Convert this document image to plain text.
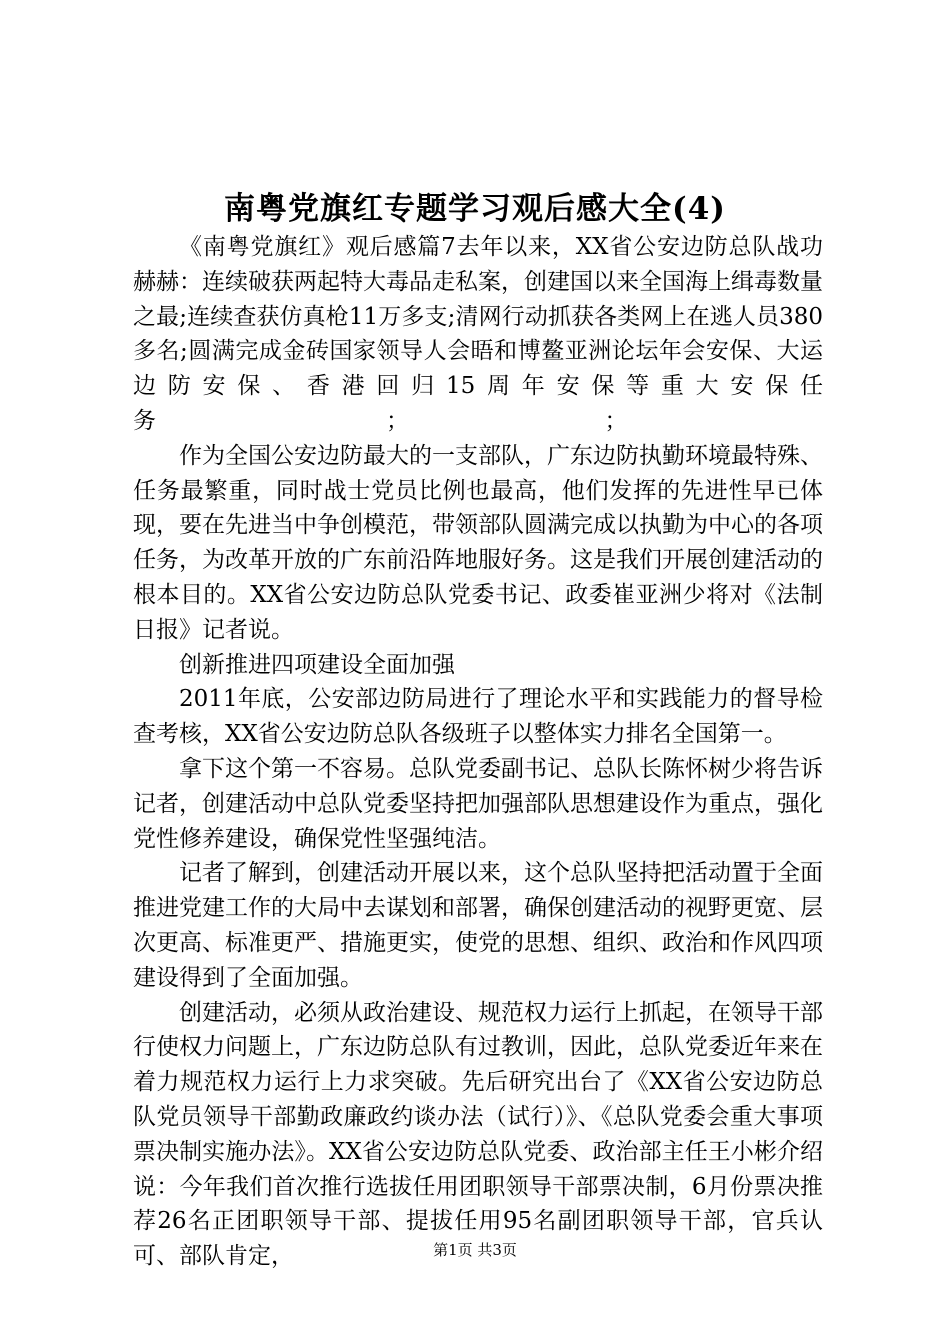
南粤党旗红专题学习观后感大全(4)

《南粤党旗红》观后感篇7去年以来，XX省公安边防总队战功赫赫：连续破获两起特大毒品走私案，创建国以来全国海上缉毒数量之最;连续查获仿真枪11万多支;清网行动抓获各类网上在逃人员380多名;圆满完成金砖国家领导人会晤和博鳌亚洲论坛年会安保、大运边防安保、香港回归15周年安保等重大安保任务　　　　　　　　　　；　　　　　　　　　；

作为全国公安边防最大的一支部队，广东边防执勤环境最特殊、任务最繁重，同时战士党员比例也最高，他们发挥的先进性早已体现，要在先进当中争创模范，带领部队圆满完成以执勤为中心的各项任务，为改革开放的广东前沿阵地服好务。这是我们开展创建活动的根本目的。XX省公安边防总队党委书记、政委崔亚洲少将对《法制日报》记者说。

创新推进四项建设全面加强

2011年底，公安部边防局进行了理论水平和实践能力的督导检查考核，XX省公安边防总队各级班子以整体实力排名全国第一。

拿下这个第一不容易。总队党委副书记、总队长陈怀树少将告诉记者，创建活动中总队党委坚持把加强部队思想建设作为重点，强化党性修养建设，确保党性坚强纯洁。

记者了解到，创建活动开展以来，这个总队坚持把活动置于全面推进党建工作的大局中去谋划和部署，确保创建活动的视野更宽、层次更高、标准更严、措施更实，使党的思想、组织、政治和作风四项建设得到了全面加强。

创建活动，必须从政治建设、规范权力运行上抓起，在领导干部行使权力问题上，广东边防总队有过教训，因此，总队党委近年来在着力规范权力运行上力求突破。先后研究出台了《XX省公安边防总队党员领导干部勤政廉政约谈办法（试行）》、《总队党委会重大事项票决制实施办法》。XX省公安边防总队党委、政治部主任王小彬介绍说：今年我们首次推行选拔任用团职领导干部票决制，6月份票决推荐26名正团职领导干部、提拔任用95名副团职领导干部，官兵认可、部队肯定，	第1页 共3页
